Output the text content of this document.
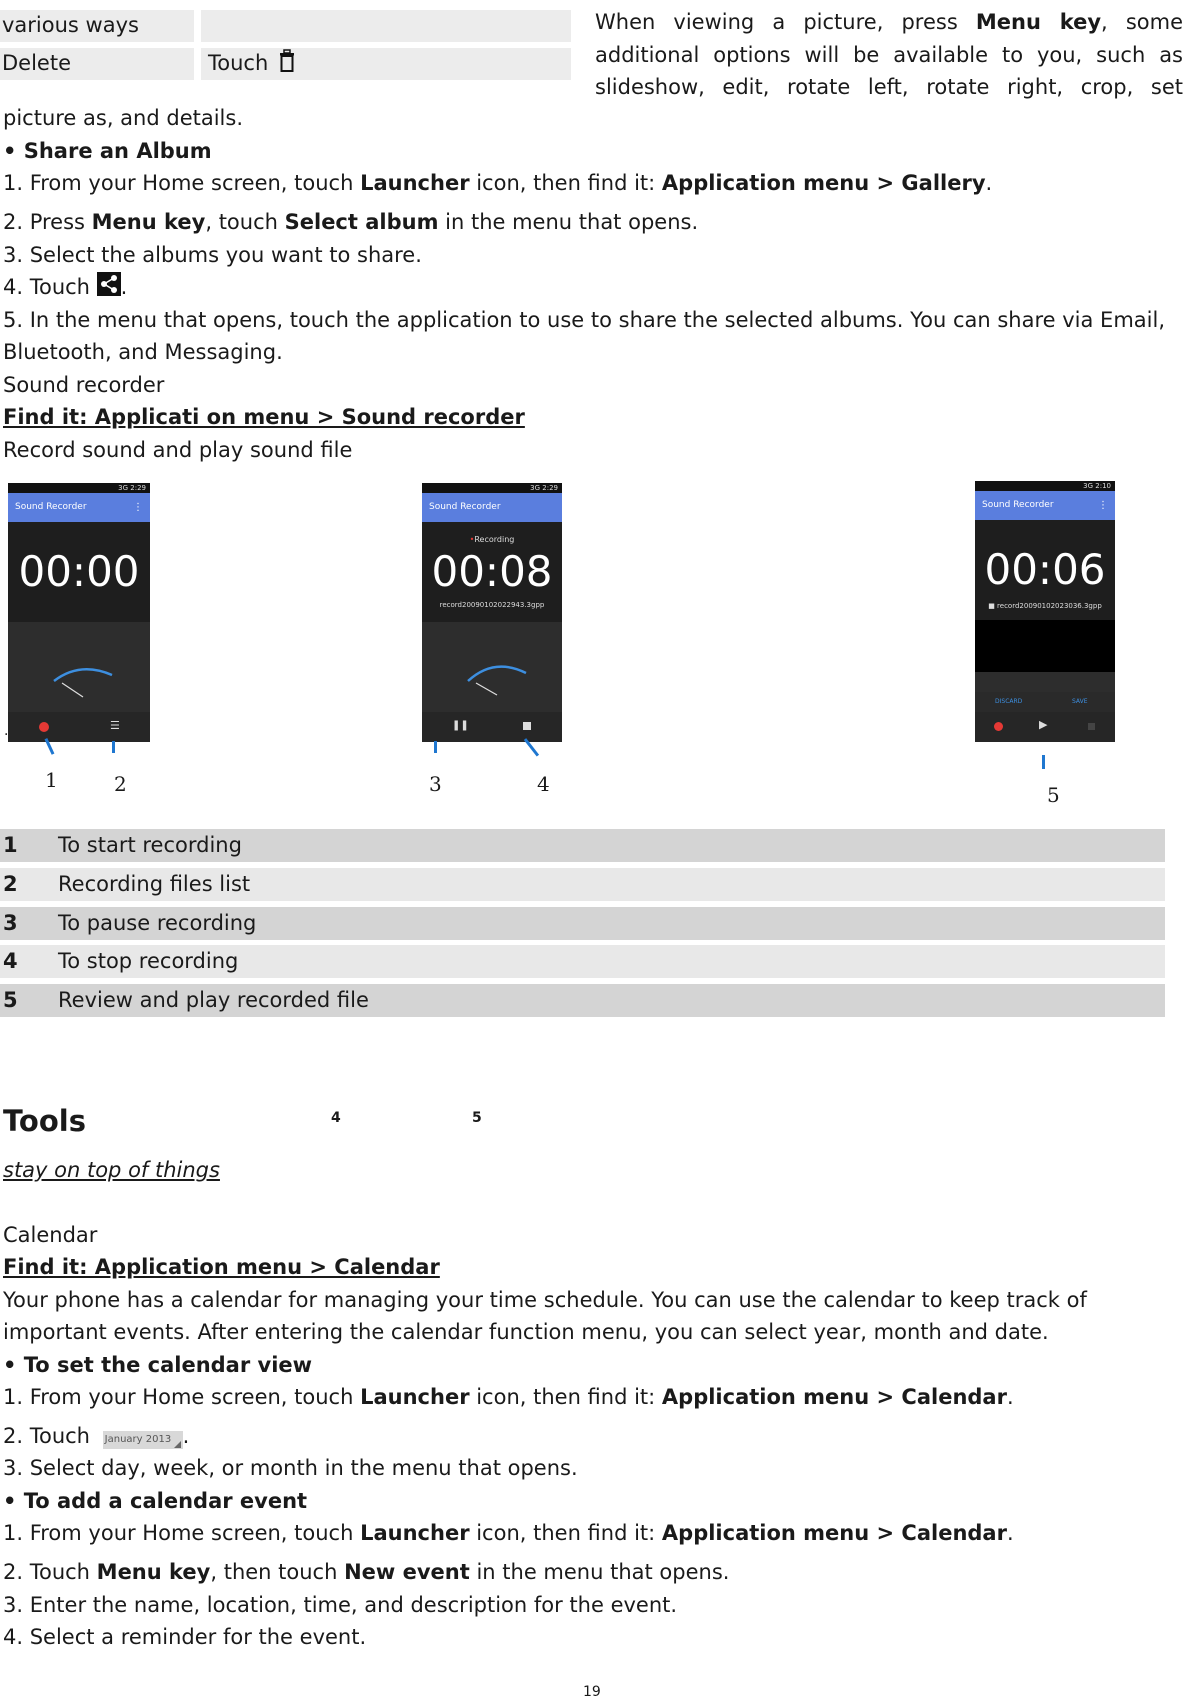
various ways
Delete	Touch
When viewing a picture, press Menu key, some
additional options will be available to you, such as
slideshow, edit, rotate left, rotate right, crop, set
picture as, and details.
• Share an Album
1. From your Home screen, touch Launcher icon, then find it: Application menu > Gallery.
2. Press Menu key, touch Select album in the menu that opens.
3. Select the albums you want to share.
4. Touch .
5. In the menu that opens, touch the application to use to share the selected albums. You can share via Email,
Bluetooth, and Messaging.
Sound recorder
Find it: Applicati on menu > Sound recorder
Record sound and play sound file
3G 2:29
Sound Recorder	⋮
00:00
☰
.
3G 2:29
Sound Recorder
00:08
•Recording
record20090102022943.3gpp
❚❚
3G 2:10
Sound Recorder	⋮
00:06
■ record20090102023036.3gpp
DISCARD	SAVE
▶
1	2	3	4	5
1 To start recording
2 Recording files list
3 To pause recording
4 To stop recording
5 Review and play recorded file
Tools	4	5
stay on top of things
Calendar
Find it: Application menu > Calendar
Your phone has a calendar for managing your time schedule. You can use the calendar to keep track of
important events. After entering the calendar function menu, you can select year, month and date.
• To set the calendar view
1. From your Home screen, touch Launcher icon, then find it: Application menu > Calendar.
2. Touch January 2013 .
3. Select day, week, or month in the menu that opens.
• To add a calendar event
1. From your Home screen, touch Launcher icon, then find it: Application menu > Calendar.
2. Touch Menu key, then touch New event in the menu that opens.
3. Enter the name, location, time, and description for the event.
4. Select a reminder for the event.
19
